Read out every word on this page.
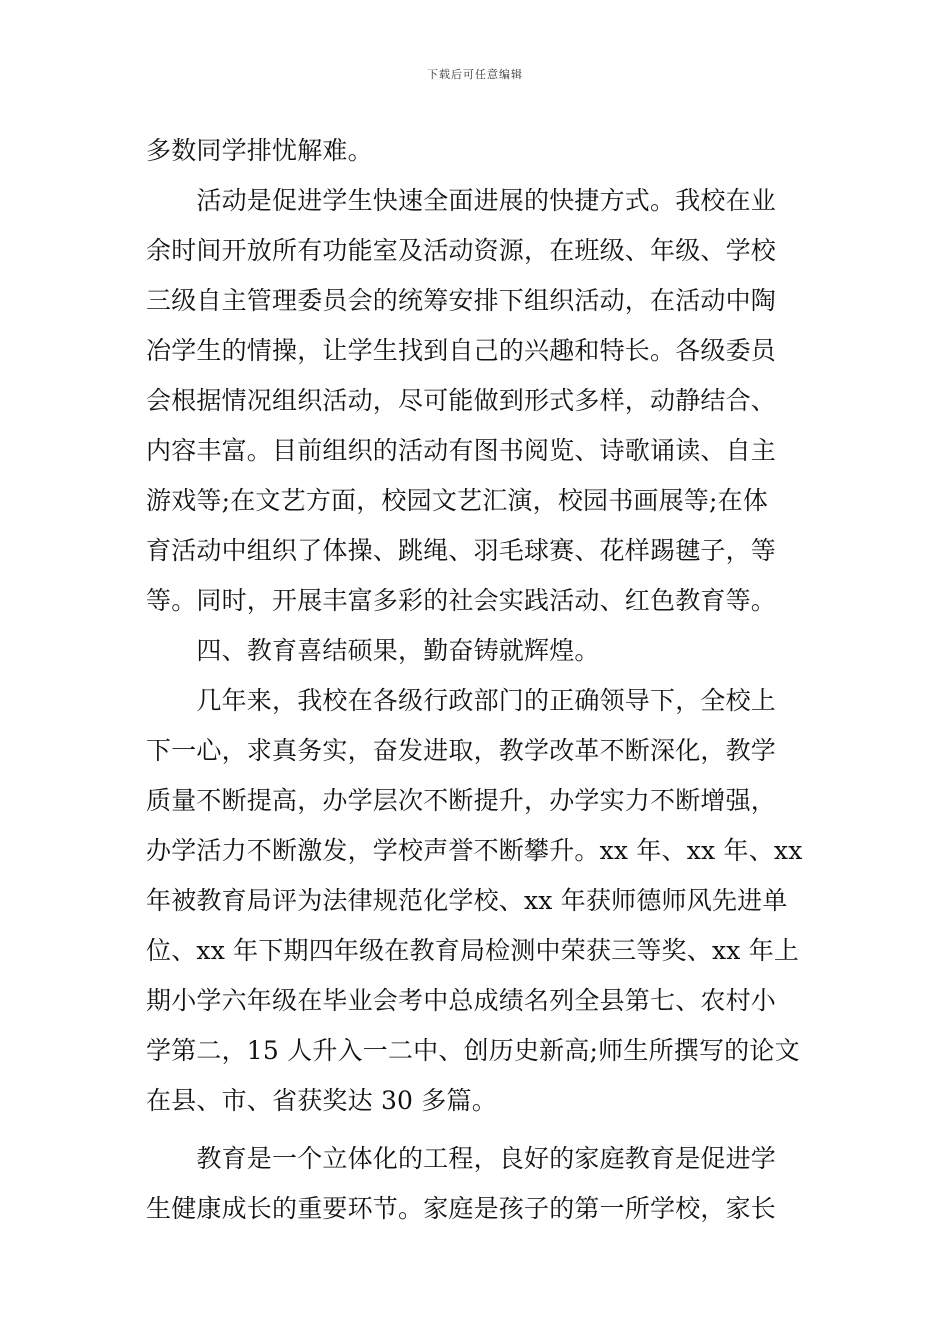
下载后可任意编辑
多数同学排忧解难。
　　活动是促进学生快速全面进展的快捷方式。我校在业
余时间开放所有功能室及活动资源，在班级、年级、学校
三级自主管理委员会的统筹安排下组织活动，在活动中陶
冶学生的情操，让学生找到自己的兴趣和特长。各级委员
会根据情况组织活动，尽可能做到形式多样，动静结合、
内容丰富。目前组织的活动有图书阅览、诗歌诵读、自主
游戏等;在文艺方面，校园文艺汇演，校园书画展等;在体
育活动中组织了体操、跳绳、羽毛球赛、花样踢毽子，等
等。同时，开展丰富多彩的社会实践活动、红色教育等。
　　四、教育喜结硕果，勤奋铸就辉煌。
　　几年来，我校在各级行政部门的正确领导下，全校上
下一心，求真务实，奋发进取，教学改革不断深化，教学
质量不断提高，办学层次不断提升，办学实力不断增强，
办学活力不断激发，学校声誉不断攀升。xx 年、xx 年、xx
年被教育局评为法律规范化学校、xx 年获师德师风先进单
位、xx 年下期四年级在教育局检测中荣获三等奖、xx 年上
期小学六年级在毕业会考中总成绩名列全县第七、农村小
学第二，15 人升入一二中、创历史新高;师生所撰写的论文
在县、市、省获奖达 30 多篇。
　　教育是一个立体化的工程，良好的家庭教育是促进学
生健康成长的重要环节。家庭是孩子的第一所学校，家长
